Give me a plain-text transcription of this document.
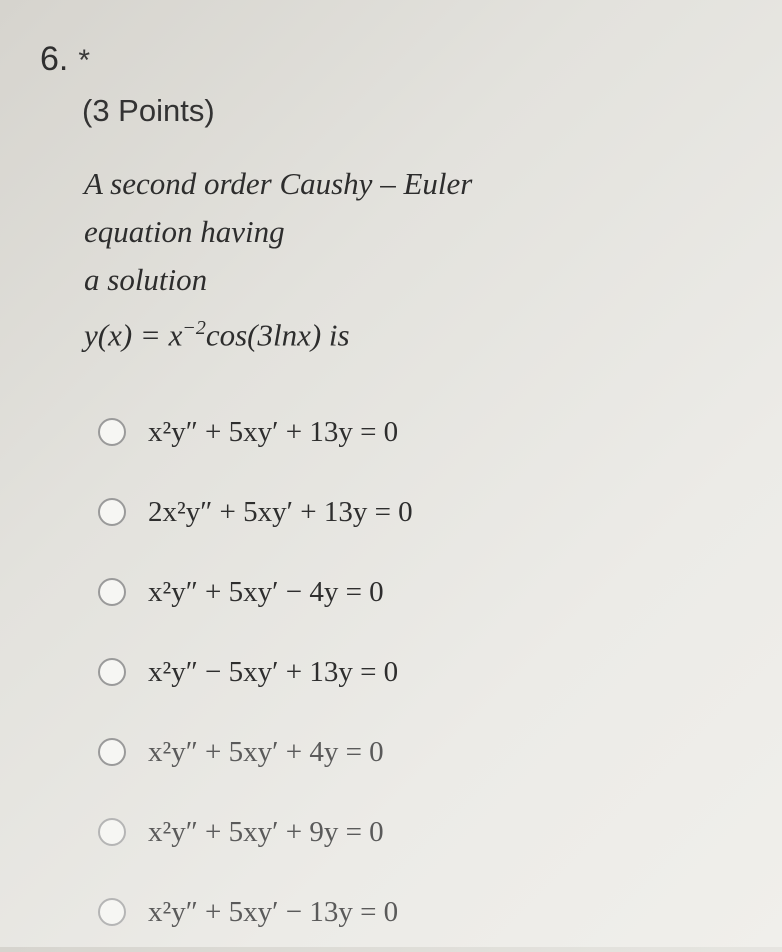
6. *
(3 Points)
A second order Caushy – Euler
equation having
a solution
$y(x) = x^{-2}\cos(3\ln x)$ is
x²y″ + 5xy′ + 13y = 0
2x²y″ + 5xy′ + 13y = 0
x²y″ + 5xy′ − 4y = 0
x²y″ − 5xy′ + 13y = 0
x²y″ + 5xy′ + 4y = 0
x²y″ + 5xy′ + 9y = 0
x²y″ + 5xy′ − 13y = 0
